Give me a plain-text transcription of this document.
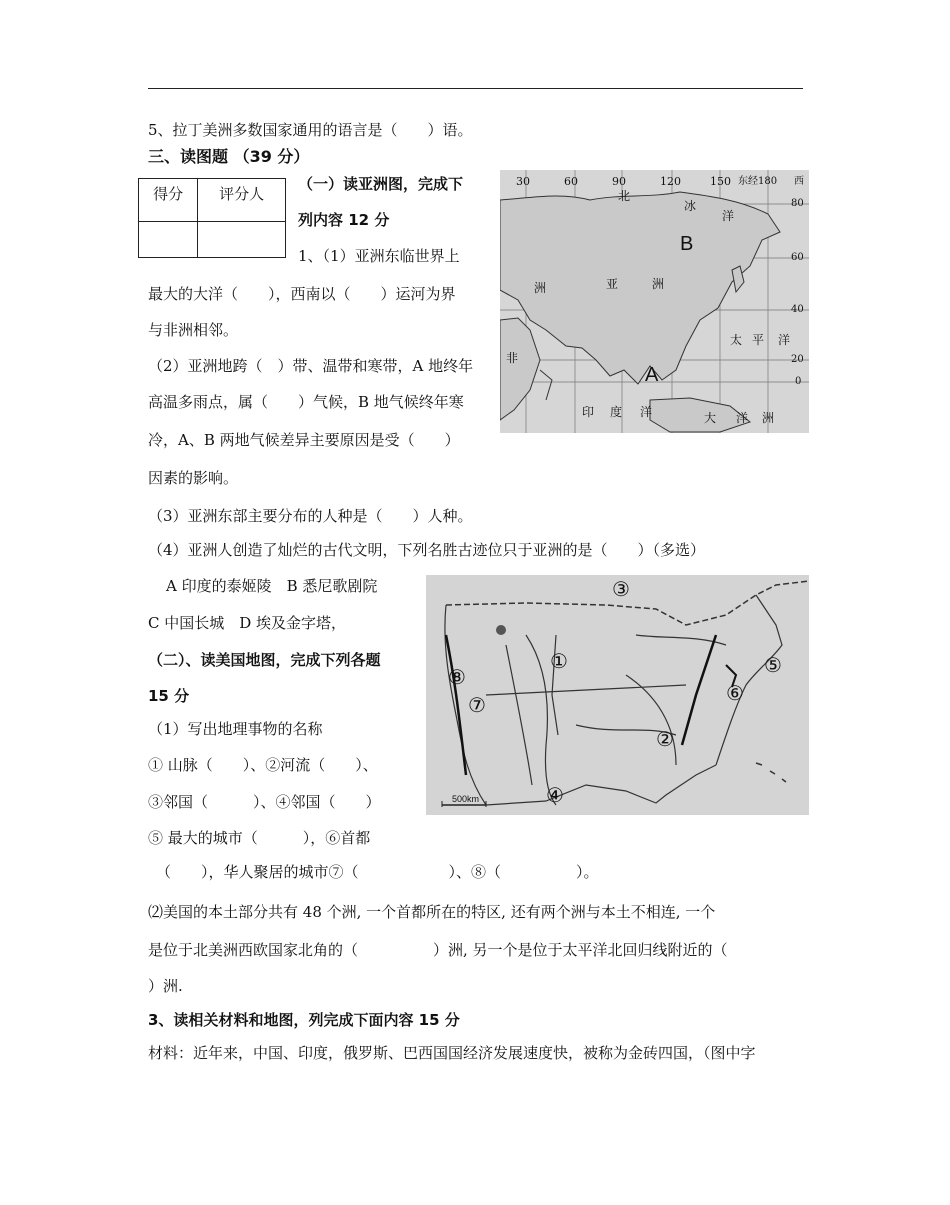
5、拉丁美洲多数国家通用的语言是（　　）语。
三、读图题 （39 分）
得分	评分人

（一）读亚洲图，完成下
列内容 12 分
1、（1）亚洲东临世界上
最大的大洋（　　），西南以（　　）运河为界
与非洲相邻。
（2）亚洲地跨（　）带、温带和寒带，A 地终年
高温多雨点，属（　　）气候，B 地气候终年寒
冷，A、B 两地气候差异主要原因是受（　　）
因素的影响。
（3）亚洲东部主要分布的人种是（　　）人种。
（4）亚洲人创造了灿烂的古代文明，下列名胜古迹位只于亚洲的是（　　）（多选）
A 印度的泰姬陵　B 悉尼歌剧院
C 中国长城　D 埃及金字塔，
30	60	90	120	150 东经180 西
80
60
40
20
0
北
冰
洋
洲	亚	洲
非
太 平 洋
印 度 洋	大 洋 洲
A
B
（二）、读美国地图，完成下列各题
15 分
（1）写出地理事物的名称
① 山脉（　　）、②河流（　　）、
③邻国（　　　）、④邻国（　　）
⑤ 最大的城市（　　　），⑥首都
（　　），华人聚居的城市⑦（　　　　　　）、⑧（　　　　　）。
⑵美国的本土部分共有 48 个洲, 一个首都所在的特区, 还有两个洲与本土不相连, 一个
是位于北美洲西欧国家北角的（　　　　　）洲, 另一个是位于太平洋北回归线附近的（
）洲.
③
①	⑤
⑥
⑧
⑦
②
④
500km
3、读相关材料和地图，列完成下面内容 15 分
材料：近年来，中国、印度，俄罗斯、巴西国国经济发展速度快，被称为金砖四国，（图中字
